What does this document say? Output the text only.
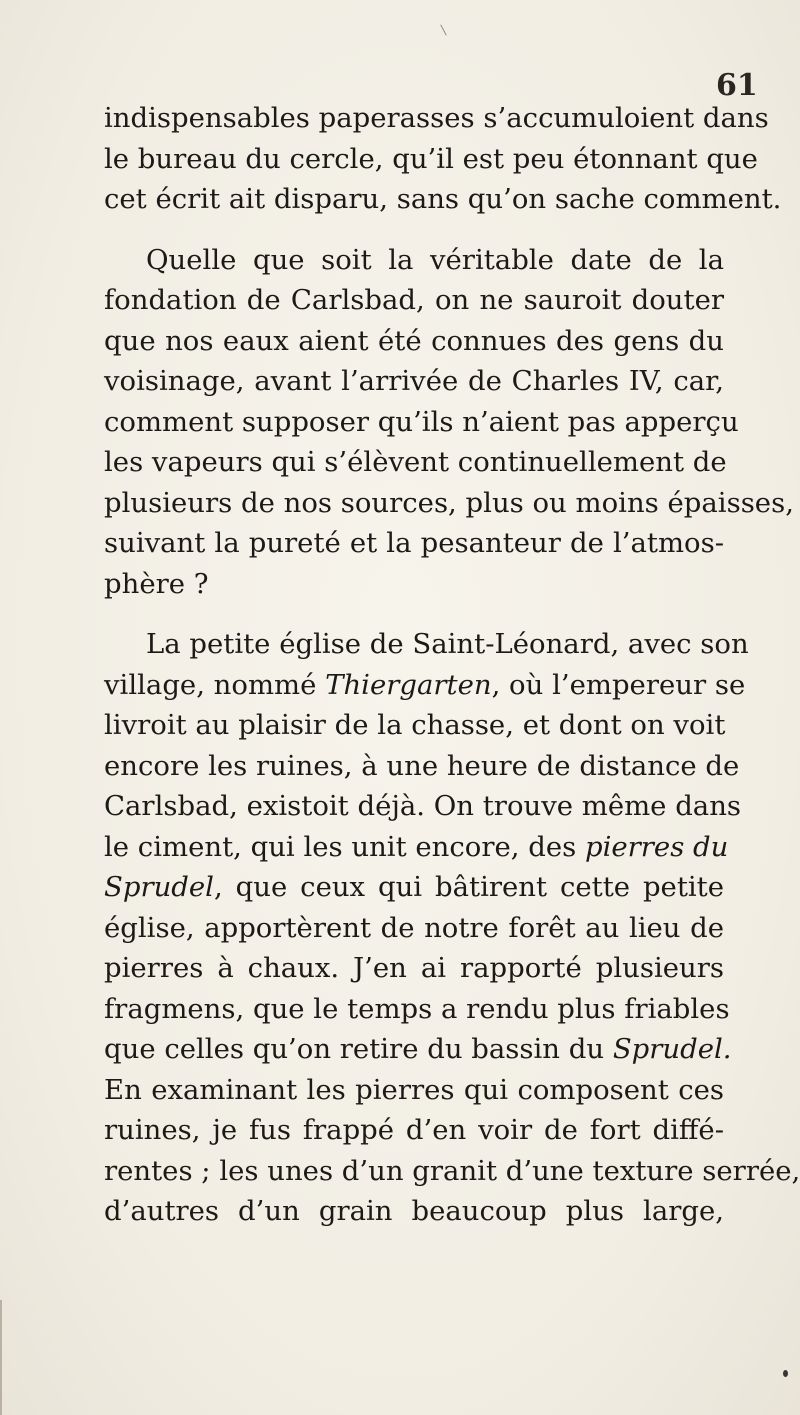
61
indispensables paperasses s’accumuloient dans
le bureau du cercle, qu’il est peu étonnant que
cet écrit ait disparu, sans qu’on sache comment.
Quelle que soit la véritable date de la
fondation de Carlsbad, on ne sauroit douter
que nos eaux aient été connues des gens du
voisinage, avant l’arrivée de Charles IV, car,
comment supposer qu’ils n’aient pas apperçu
les vapeurs qui s’élèvent continuellement de
plusieurs de nos sources, plus ou moins épaisses,
suivant la pureté et la pesanteur de l’atmos-
phère ?
La petite église de Saint-Léonard, avec son
village, nommé Thiergarten, où l’empereur se
livroit au plaisir de la chasse, et dont on voit
encore les ruines, à une heure de distance de
Carlsbad, existoit déjà. On trouve même dans
le ciment, qui les unit encore, des pierres du
Sprudel, que ceux qui bâtirent cette petite
église, apportèrent de notre forêt au lieu de
pierres à chaux. J’en ai rapporté plusieurs
fragmens, que le temps a rendu plus friables
que celles qu’on retire du bassin du Sprudel.
En examinant les pierres qui composent ces
ruines, je fus frappé d’en voir de fort diffé-
rentes ; les unes d’un granit d’une texture serrée,
d’autres d’un grain beaucoup plus large,
